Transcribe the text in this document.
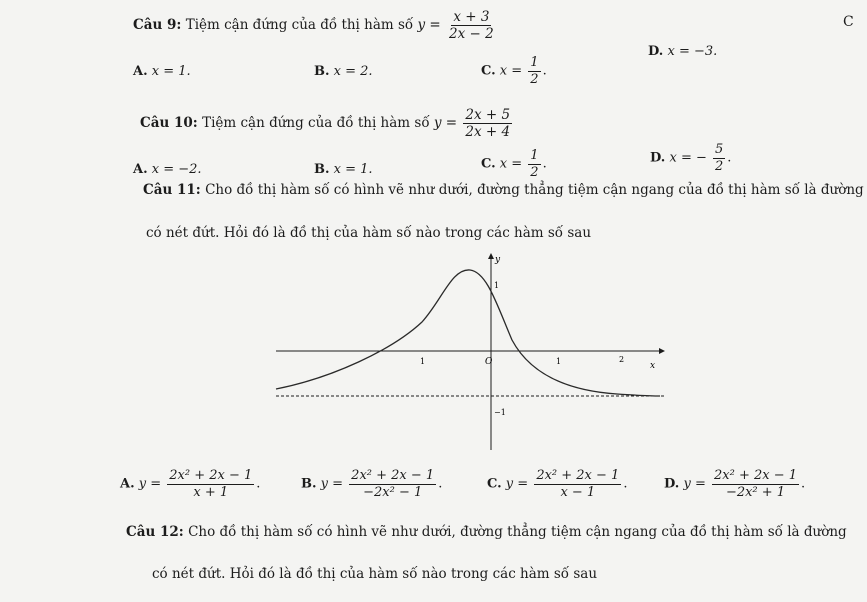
Câu 9: Tiệm cận đứng của đồ thị hàm số $y = \frac{x + 3}{2x - 2}$	C
A. x = 1.	B. x = 2.	C. $x = \frac{1}{2}$ .
D. x = −3.
Câu 10: Tiệm cận đứng của đồ thị hàm số $y = \frac{2x + 5}{2x + 4}$
A. x = −2.	B. x = 1.	C. $x = \frac{1}{2}$ .	D. x = − $\frac{5}{2}$ .
Câu 11: Cho đồ thị hàm số có hình vẽ như dưới, đường thẳng tiệm cận ngang của đồ thị hàm số là đường
có nét đứt. Hỏi đó là đồ thị của hàm số nào trong các hàm số sau
y
x
1
1	O	1	2
−1
A. $y = \frac{\text{2x² + 2x − 1}}{x + 1}$ .	B. $y = \frac{\text{2x² + 2x − 1}}{\text{−2x² − 1}}$ .	C. $y = \frac{\text{2x² + 2x − 1}}{x - 1}$ .	D. $y = \frac{\text{2x² + 2x − 1}}{\text{−2x² + 1}}$ .
Câu 12: Cho đồ thị hàm số có hình vẽ như dưới, đường thẳng tiệm cận ngang của đồ thị hàm số là đường
có nét đứt. Hỏi đó là đồ thị của hàm số nào trong các hàm số sau
